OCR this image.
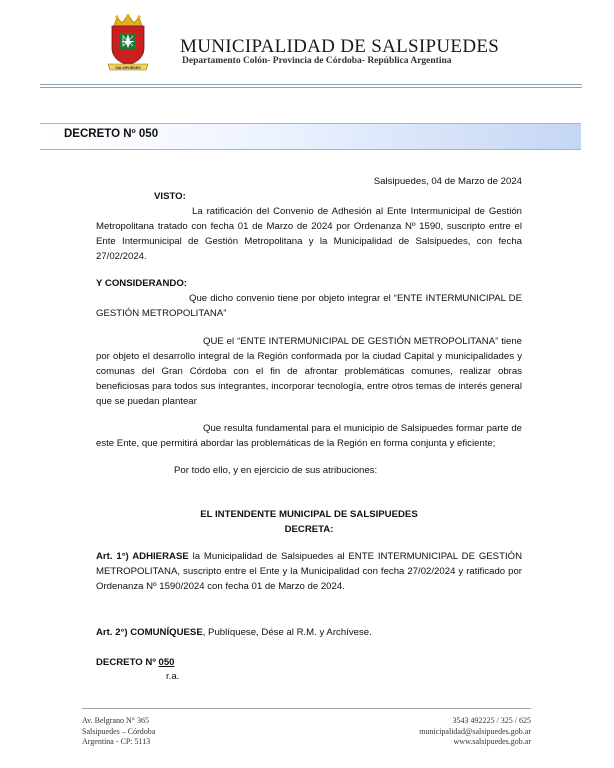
SALSIPUEDES
MUNICIPALIDAD DE SALSIPUEDES
Departamento Colón- Provincia de Córdoba- República Argentina
DECRETO Nº 050
Salsipuedes, 04 de Marzo de 2024
VISTO:
La ratificación del Convenio de Adhesión al Ente Intermunicipal de Gestión Metropolitana tratado con fecha 01 de Marzo de 2024 por Ordenanza Nº 1590, suscripto entre el Ente Intermunicipal de Gestión Metropolitana y la Municipalidad de Salsipuedes, con fecha 27/02/2024.
Y CONSIDERANDO:
Que dicho convenio tiene por objeto integrar el “ENTE INTERMUNICIPAL DE GESTIÓN METROPOLITANA”
QUE el “ENTE INTERMUNICIPAL DE GESTIÓN METROPOLITANA” tiene por objeto el desarrollo integral de la Región conformada por la ciudad Capital y municipalidades y comunas del Gran Córdoba con el fin de afrontar problemáticas comunes, realizar obras beneficiosas para todos sus integrantes, incorporar tecnología, entre otros temas de interés general que se puedan plantear
Que resulta fundamental para el municipio de Salsipuedes formar parte de este Ente, que permitirá abordar las problemáticas de la Región en forma conjunta y eficiente;
Por todo ello, y en ejercicio de sus atribuciones:
EL INTENDENTE MUNICIPAL DE SALSIPUEDES
DECRETA:
Art. 1°) ADHIERASE la Municipalidad de Salsipuedes al ENTE INTERMUNICIPAL DE GESTIÓN METROPOLITANA, suscripto entre el Ente y la Municipalidad con fecha 27/02/2024 y ratificado por Ordenanza Nº 1590/2024 con fecha 01 de Marzo de 2024.
Art. 2°) COMUNÍQUESE, Publíquese, Dése al R.M. y Archívese.
DECRETO Nº 050
r.a.
Av. Belgrano N° 365
Salsipuedes – Córdoba
Argentina - CP: 5113
3543 492225 / 325 / 625
municipalidad@salsipuedes.gob.ar
www.salsipuedes.gob.ar
